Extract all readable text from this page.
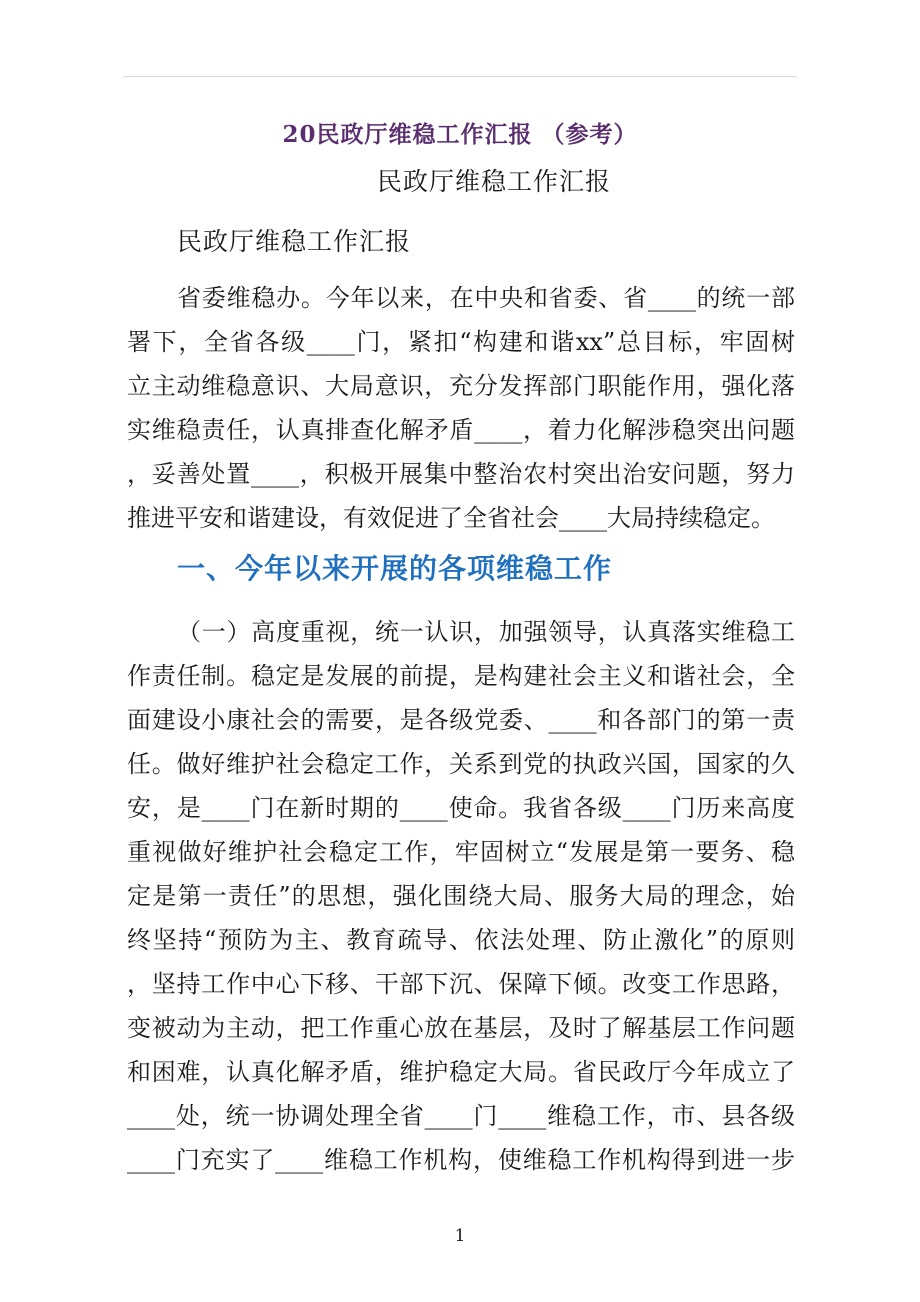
20民政厅维稳工作汇报 （参考）
民政厅维稳工作汇报
民政厅维稳工作汇报
省委维稳办。今年以来，在中央和省委、省____的统一部
署下，全省各级____门，紧扣“构建和谐xx”总目标，牢固树
立主动维稳意识、大局意识，充分发挥部门职能作用，强化落
实维稳责任，认真排查化解矛盾____，着力化解涉稳突出问题
，妥善处置____，积极开展集中整治农村突出治安问题，努力
推进平安和谐建设，有效促进了全省社会____大局持续稳定。
一、今年以来开展的各项维稳工作
（一）高度重视，统一认识，加强领导，认真落实维稳工
作责任制。稳定是发展的前提，是构建社会主义和谐社会，全
面建设小康社会的需要，是各级党委、____和各部门的第一责
任。做好维护社会稳定工作，关系到党的执政兴国，国家的久
安，是____门在新时期的____使命。我省各级____门历来高度
重视做好维护社会稳定工作，牢固树立“发展是第一要务、稳
定是第一责任”的思想，强化围绕大局、服务大局的理念，始
终坚持“预防为主、教育疏导、依法处理、防止激化”的原则
，坚持工作中心下移、干部下沉、保障下倾。改变工作思路，
变被动为主动，把工作重心放在基层，及时了解基层工作问题
和困难，认真化解矛盾，维护稳定大局。省民政厅今年成立了
____处，统一协调处理全省____门____维稳工作，市、县各级
____门充实了____维稳工作机构，使维稳工作机构得到进一步
1
